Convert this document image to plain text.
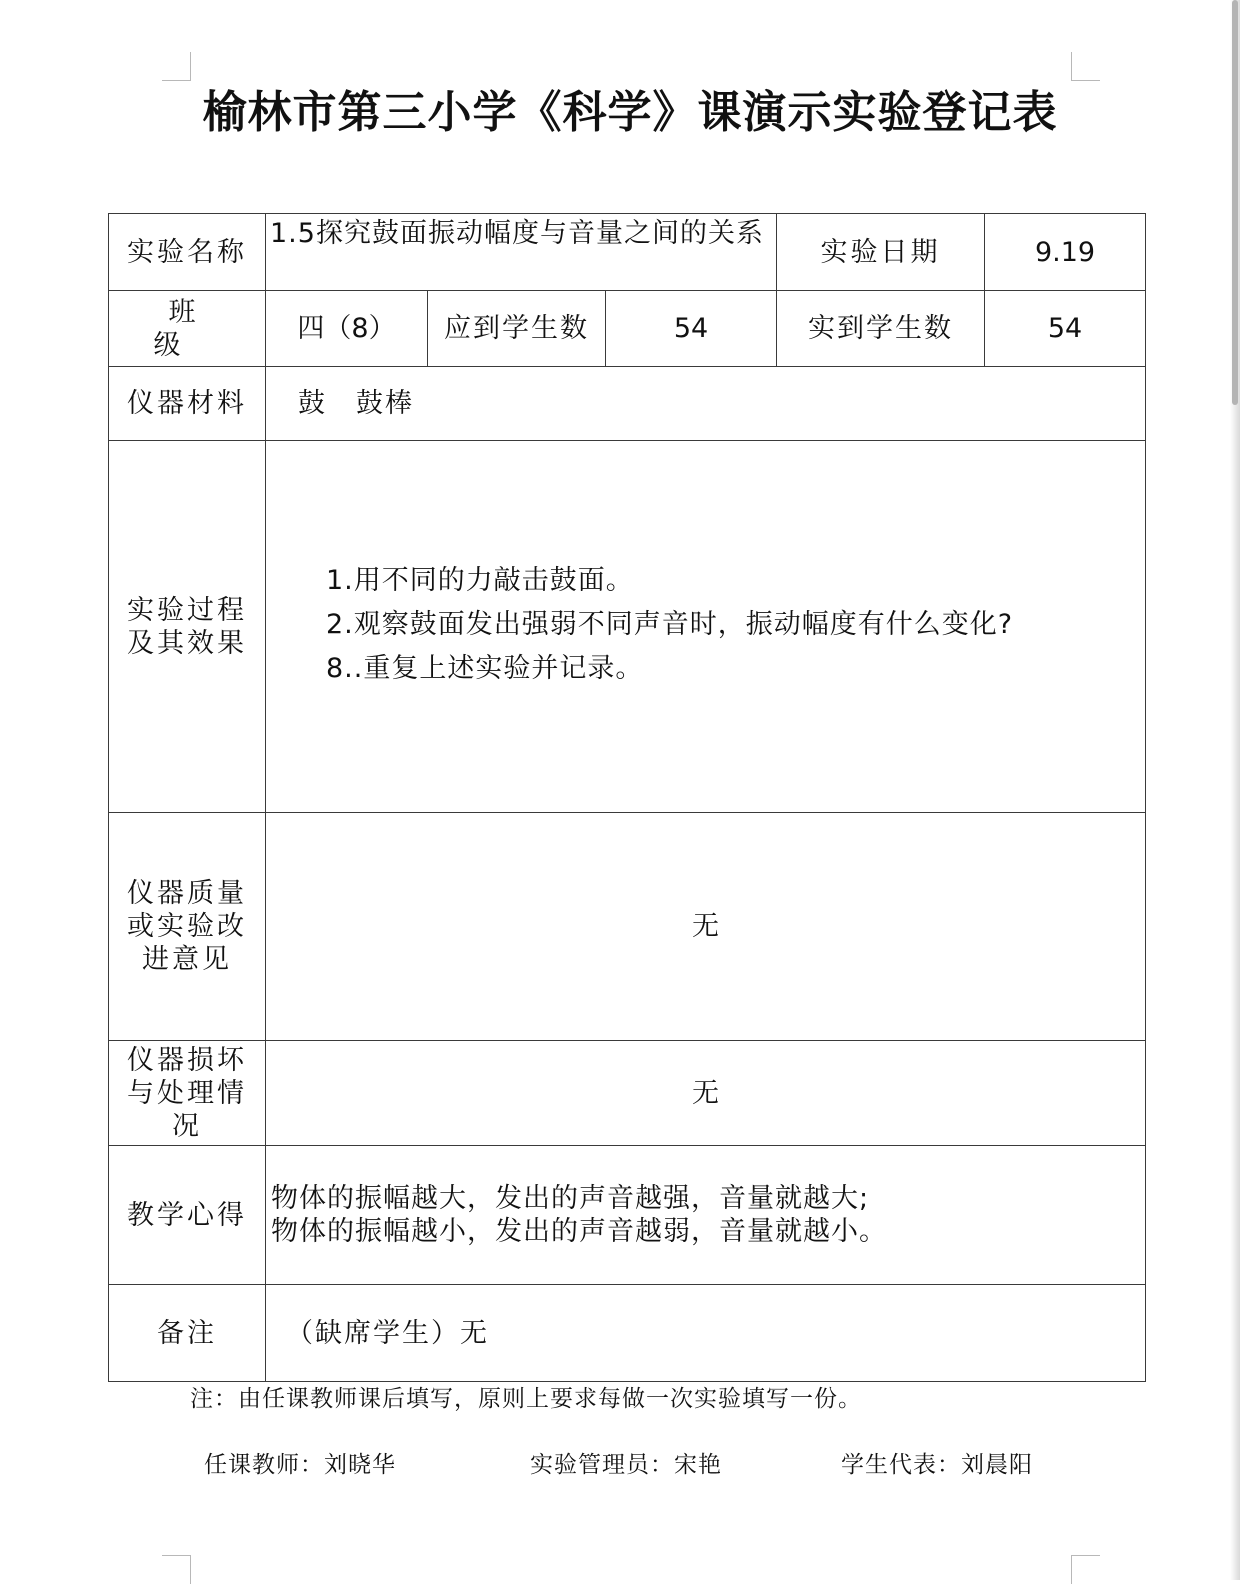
榆林市第三小学《科学》课演示实验登记表
实验名称	1.5探究鼓面振动幅度与音量之间的关系			实验日期	9.19
班 级	四（8）	应到学生数	54	实到学生数	54
仪器材料	鼓　鼓棒				

实验过程及其效果	1.用不同的力敲击鼓面。
2.观察鼓面发出强弱不同声音时，振动幅度有什么变化?
8..重复上述实验并记录。				

仪器质量或实验改进意见	无				

仪器损坏与处理情况	无				
教学心得	物体的振幅越大，发出的声音越强，音量就越大;
物体的振幅越小，发出的声音越弱，音量就越小。				

备注	（缺席学生）无				
注：由任课教师课后填写，原则上要求每做一次实验填写一份。
任课教师：刘晓华	实验管理员：宋艳	学生代表：刘晨阳
